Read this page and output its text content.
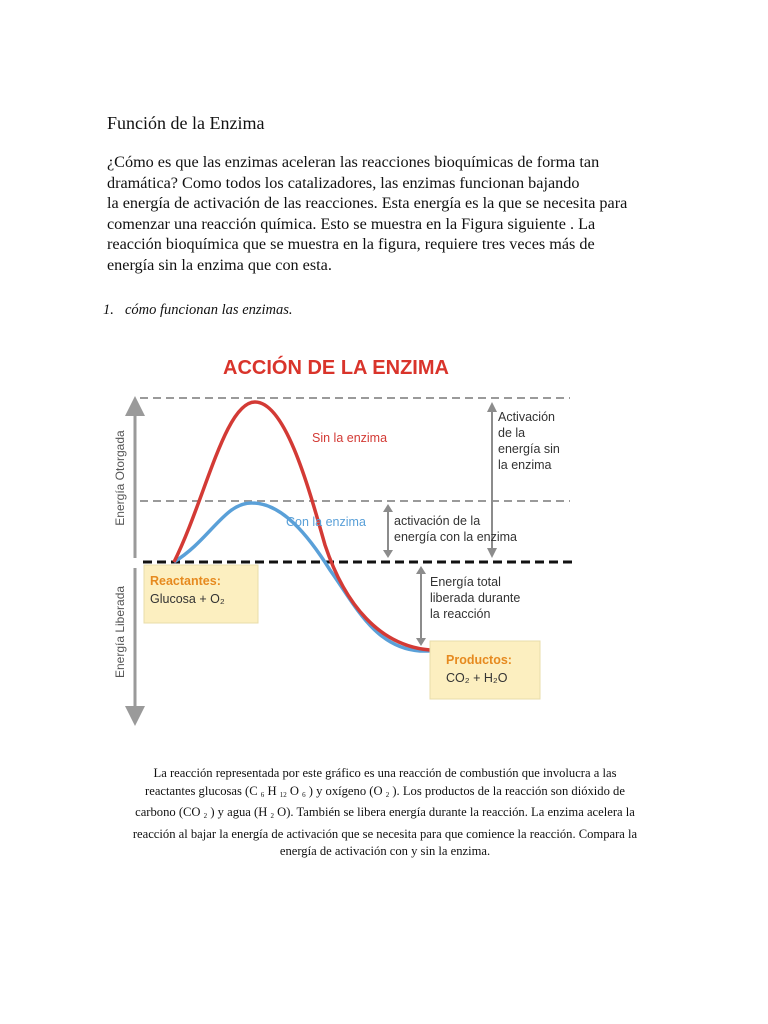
Función de la Enzima
¿Cómo es que las enzimas aceleran las reacciones bioquímicas de forma tan
dramática? Como todos los catalizadores, las enzimas funcionan bajando
la energía de activación de las reacciones. Esta energía es la que se necesita para
comenzar una reacción química. Esto se muestra en la Figura siguiente . La
reacción bioquímica que se muestra en la figura, requiere tres veces más de
energía sin la enzima que con esta.
1. cómo funcionan las enzimas.
ACCIÓN DE LA ENZIMA
Energía Otorgada
Energía Liberada
Sin la enzima
Con la enzima
Activación
de la
energía sin
la enzima
activación de la
energía con la enzima
Energía total
liberada durante
la reacción
Reactantes:
Glucosa + O₂
Productos:
CO₂ + H₂O
La reacción representada por este gráfico es una reacción de combustión que involucra a las
reactantes glucosas (C $_6$ H $_{12}$ O $_6$ ) y oxígeno (O $_2$ ). Los productos de la reacción son dióxido de
carbono (CO $_2$ ) y agua (H $_2$ O). También se libera energía durante la reacción. La enzima acelera la
reacción al bajar la energía de activación que se necesita para que comience la reacción. Compara la
energía de activación con y sin la enzima.
